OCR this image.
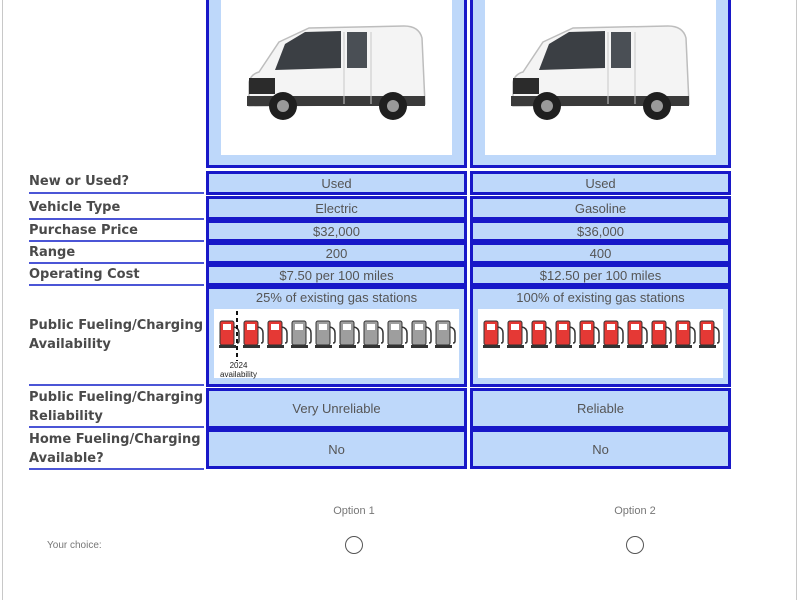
New or Used?
Vehicle Type
Purchase Price
Range
Operating Cost
Public Fueling/Charging Availability
Public Fueling/Charging Reliability
Home Fueling/Charging Available?
Used
Electric
$32,000
200
$7.50 per 100 miles
25% of existing gas stations
2024 availability
Very Unreliable
No
Used
Gasoline
$36,000
400
$12.50 per 100 miles
100% of existing gas stations
Reliable
No
Option 1	Option 2
Your choice:
